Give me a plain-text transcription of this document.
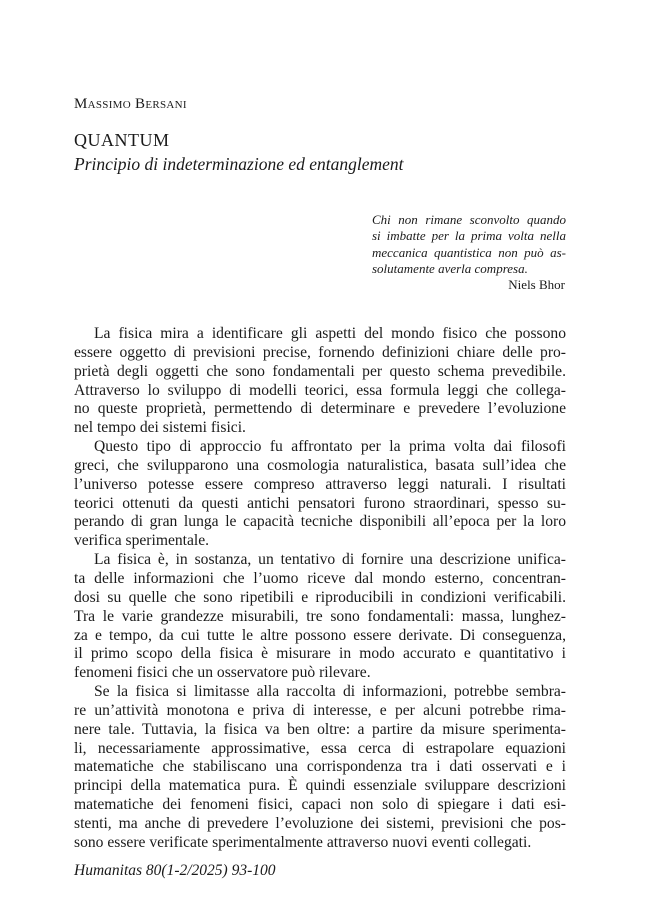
Massimo Bersani
QUANTUM
Principio di indeterminazione ed entanglement
Chi non rimane sconvolto quando
si imbatte per la prima volta nella
meccanica quantistica non può as-
solutamente averla compresa.
Niels Bhor
La fisica mira a identificare gli aspetti del mondo fisico che possono
essere oggetto di previsioni precise, fornendo definizioni chiare delle pro-
prietà degli oggetti che sono fondamentali per questo schema prevedibile.
Attraverso lo sviluppo di modelli teorici, essa formula leggi che collega-
no queste proprietà, permettendo di determinare e prevedere l’evoluzione
nel tempo dei sistemi fisici.
Questo tipo di approccio fu affrontato per la prima volta dai filosofi
greci, che svilupparono una cosmologia naturalistica, basata sull’idea che
l’universo potesse essere compreso attraverso leggi naturali. I risultati
teorici ottenuti da questi antichi pensatori furono straordinari, spesso su-
perando di gran lunga le capacità tecniche disponibili all’epoca per la loro
verifica sperimentale.
La fisica è, in sostanza, un tentativo di fornire una descrizione unifica-
ta delle informazioni che l’uomo riceve dal mondo esterno, concentran-
dosi su quelle che sono ripetibili e riproducibili in condizioni verificabili.
Tra le varie grandezze misurabili, tre sono fondamentali: massa, lunghez-
za e tempo, da cui tutte le altre possono essere derivate. Di conseguenza,
il primo scopo della fisica è misurare in modo accurato e quantitativo i
fenomeni fisici che un osservatore può rilevare.
Se la fisica si limitasse alla raccolta di informazioni, potrebbe sembra-
re un’attività monotona e priva di interesse, e per alcuni potrebbe rima-
nere tale. Tuttavia, la fisica va ben oltre: a partire da misure sperimenta-
li, necessariamente approssimative, essa cerca di estrapolare equazioni
matematiche che stabiliscano una corrispondenza tra i dati osservati e i
principi della matematica pura. È quindi essenziale sviluppare descrizioni
matematiche dei fenomeni fisici, capaci non solo di spiegare i dati esi-
stenti, ma anche di prevedere l’evoluzione dei sistemi, previsioni che pos-
sono essere verificate sperimentalmente attraverso nuovi eventi collegati.
Humanitas 80(1-2/2025) 93-100
